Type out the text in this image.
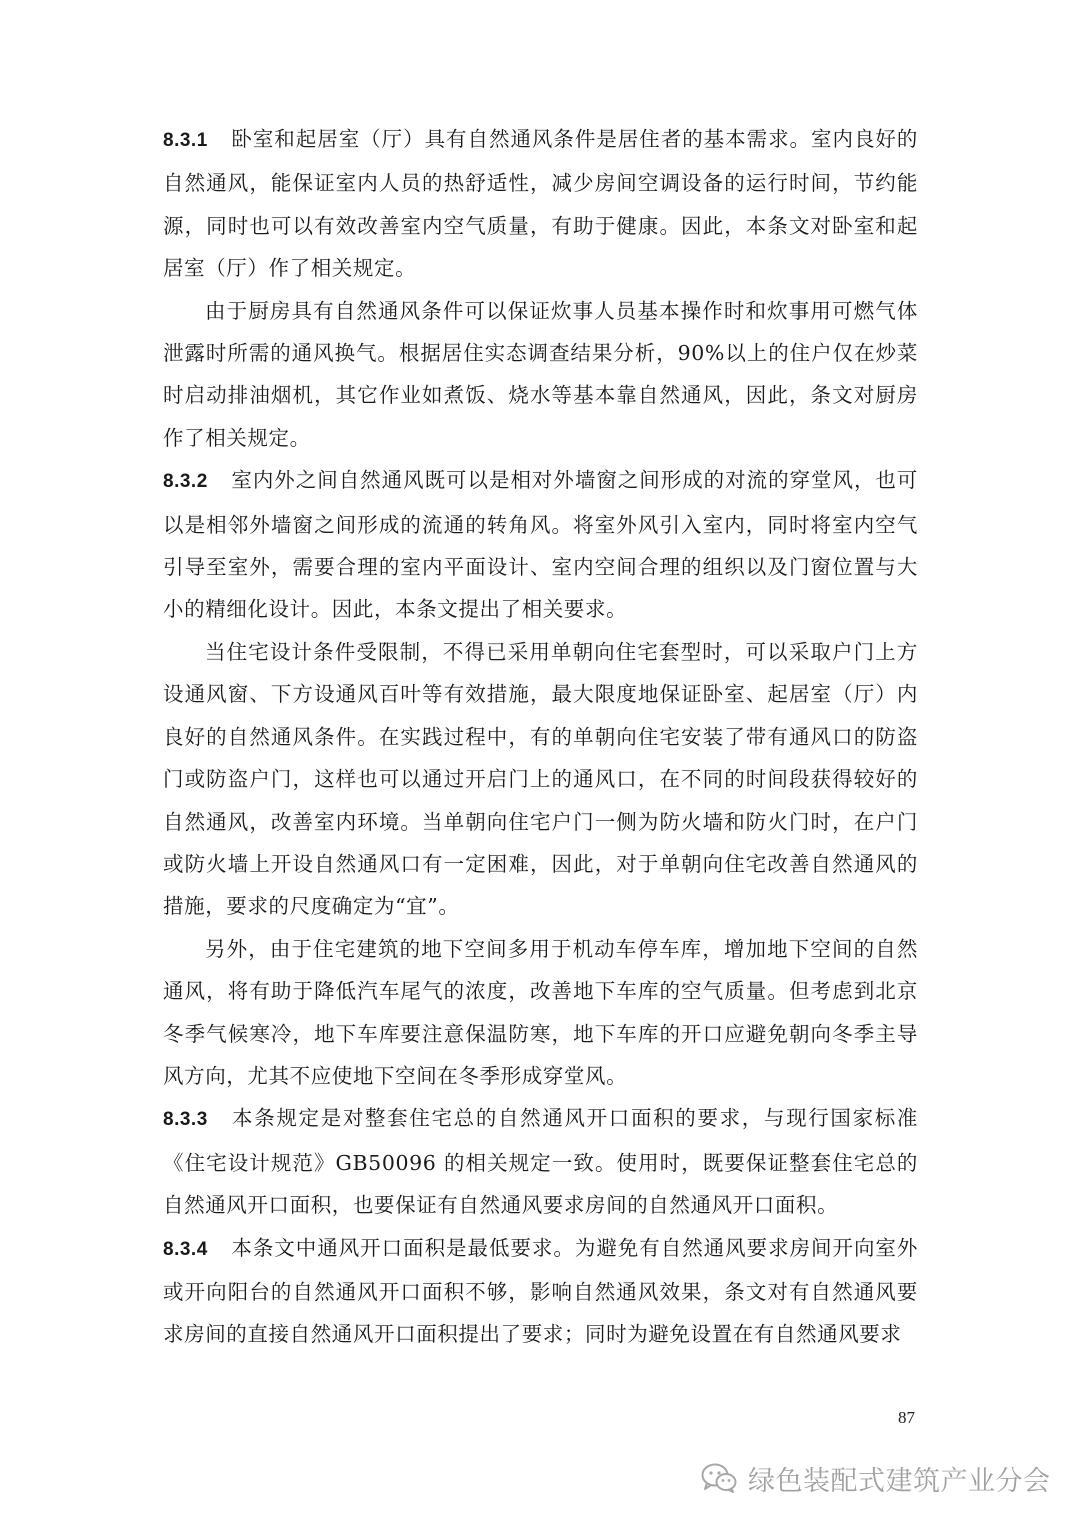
8.3.1 卧室和起居室（厅）具有自然通风条件是居住者的基本需求。室内良好的自然通风，能保证室内人员的热舒适性，减少房间空调设备的运行时间，节约能源，同时也可以有效改善室内空气质量，有助于健康。因此，本条文对卧室和起居室（厅）作了相关规定。

由于厨房具有自然通风条件可以保证炊事人员基本操作时和炊事用可燃气体泄露时所需的通风换气。根据居住实态调查结果分析，90%以上的住户仅在炒菜时启动排油烟机，其它作业如煮饭、烧水等基本靠自然通风，因此，条文对厨房作了相关规定。

8.3.2 室内外之间自然通风既可以是相对外墙窗之间形成的对流的穿堂风，也可以是相邻外墙窗之间形成的流通的转角风。将室外风引入室内，同时将室内空气引导至室外，需要合理的室内平面设计、室内空间合理的组织以及门窗位置与大小的精细化设计。因此，本条文提出了相关要求。

当住宅设计条件受限制，不得已采用单朝向住宅套型时，可以采取户门上方设通风窗、下方设通风百叶等有效措施，最大限度地保证卧室、起居室（厅）内良好的自然通风条件。在实践过程中，有的单朝向住宅安装了带有通风口的防盗门或防盗户门，这样也可以通过开启门上的通风口，在不同的时间段获得较好的自然通风，改善室内环境。当单朝向住宅户门一侧为防火墙和防火门时，在户门或防火墙上开设自然通风口有一定困难，因此，对于单朝向住宅改善自然通风的措施，要求的尺度确定为“宜”。

另外，由于住宅建筑的地下空间多用于机动车停车库，增加地下空间的自然通风，将有助于降低汽车尾气的浓度，改善地下车库的空气质量。但考虑到北京冬季气候寒冷，地下车库要注意保温防寒，地下车库的开口应避免朝向冬季主导风方向，尤其不应使地下空间在冬季形成穿堂风。

8.3.3 本条规定是对整套住宅总的自然通风开口面积的要求，与现行国家标准《住宅设计规范》GB50096 的相关规定一致。使用时，既要保证整套住宅总的自然通风开口面积，也要保证有自然通风要求房间的自然通风开口面积。

8.3.4 本条文中通风开口面积是最低要求。为避免有自然通风要求房间开向室外或开向阳台的自然通风开口面积不够，影响自然通风效果，条文对有自然通风要求房间的直接自然通风开口面积提出了要求；同时为避免设置在有自然通风要求

87
绿色装配式建筑产业分会
